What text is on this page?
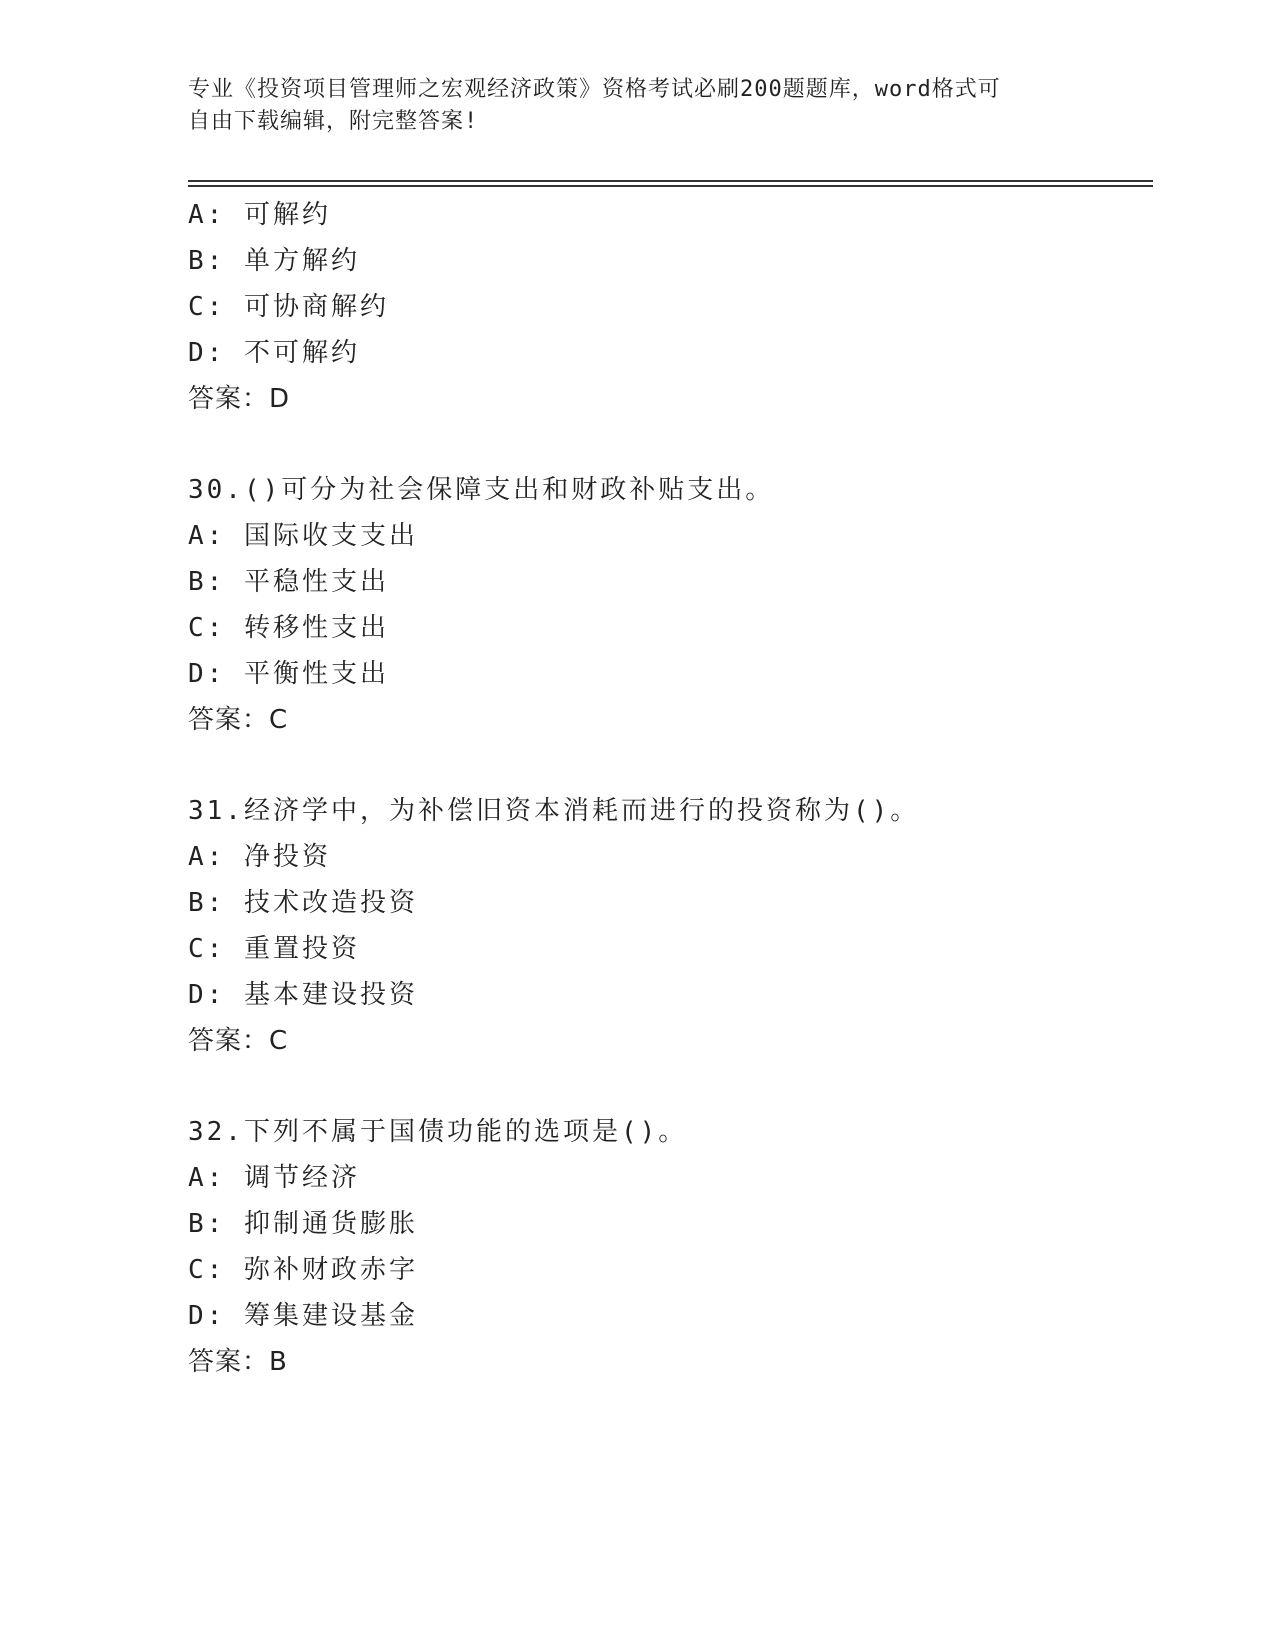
专业《投资项目管理师之宏观经济政策》资格考试必刷200题题库，word格式可
自由下载编辑，附完整答案!
A: 可解约
B: 单方解约
C: 可协商解约
D: 不可解约
答案：D
30.()可分为社会保障支出和财政补贴支出。
A: 国际收支支出
B: 平稳性支出
C: 转移性支出
D: 平衡性支出
答案：C
31.经济学中，为补偿旧资本消耗而进行的投资称为()。
A: 净投资
B: 技术改造投资
C: 重置投资
D: 基本建设投资
答案：C
32.下列不属于国债功能的选项是()。
A: 调节经济
B: 抑制通货膨胀
C: 弥补财政赤字
D: 筹集建设基金
答案：B
